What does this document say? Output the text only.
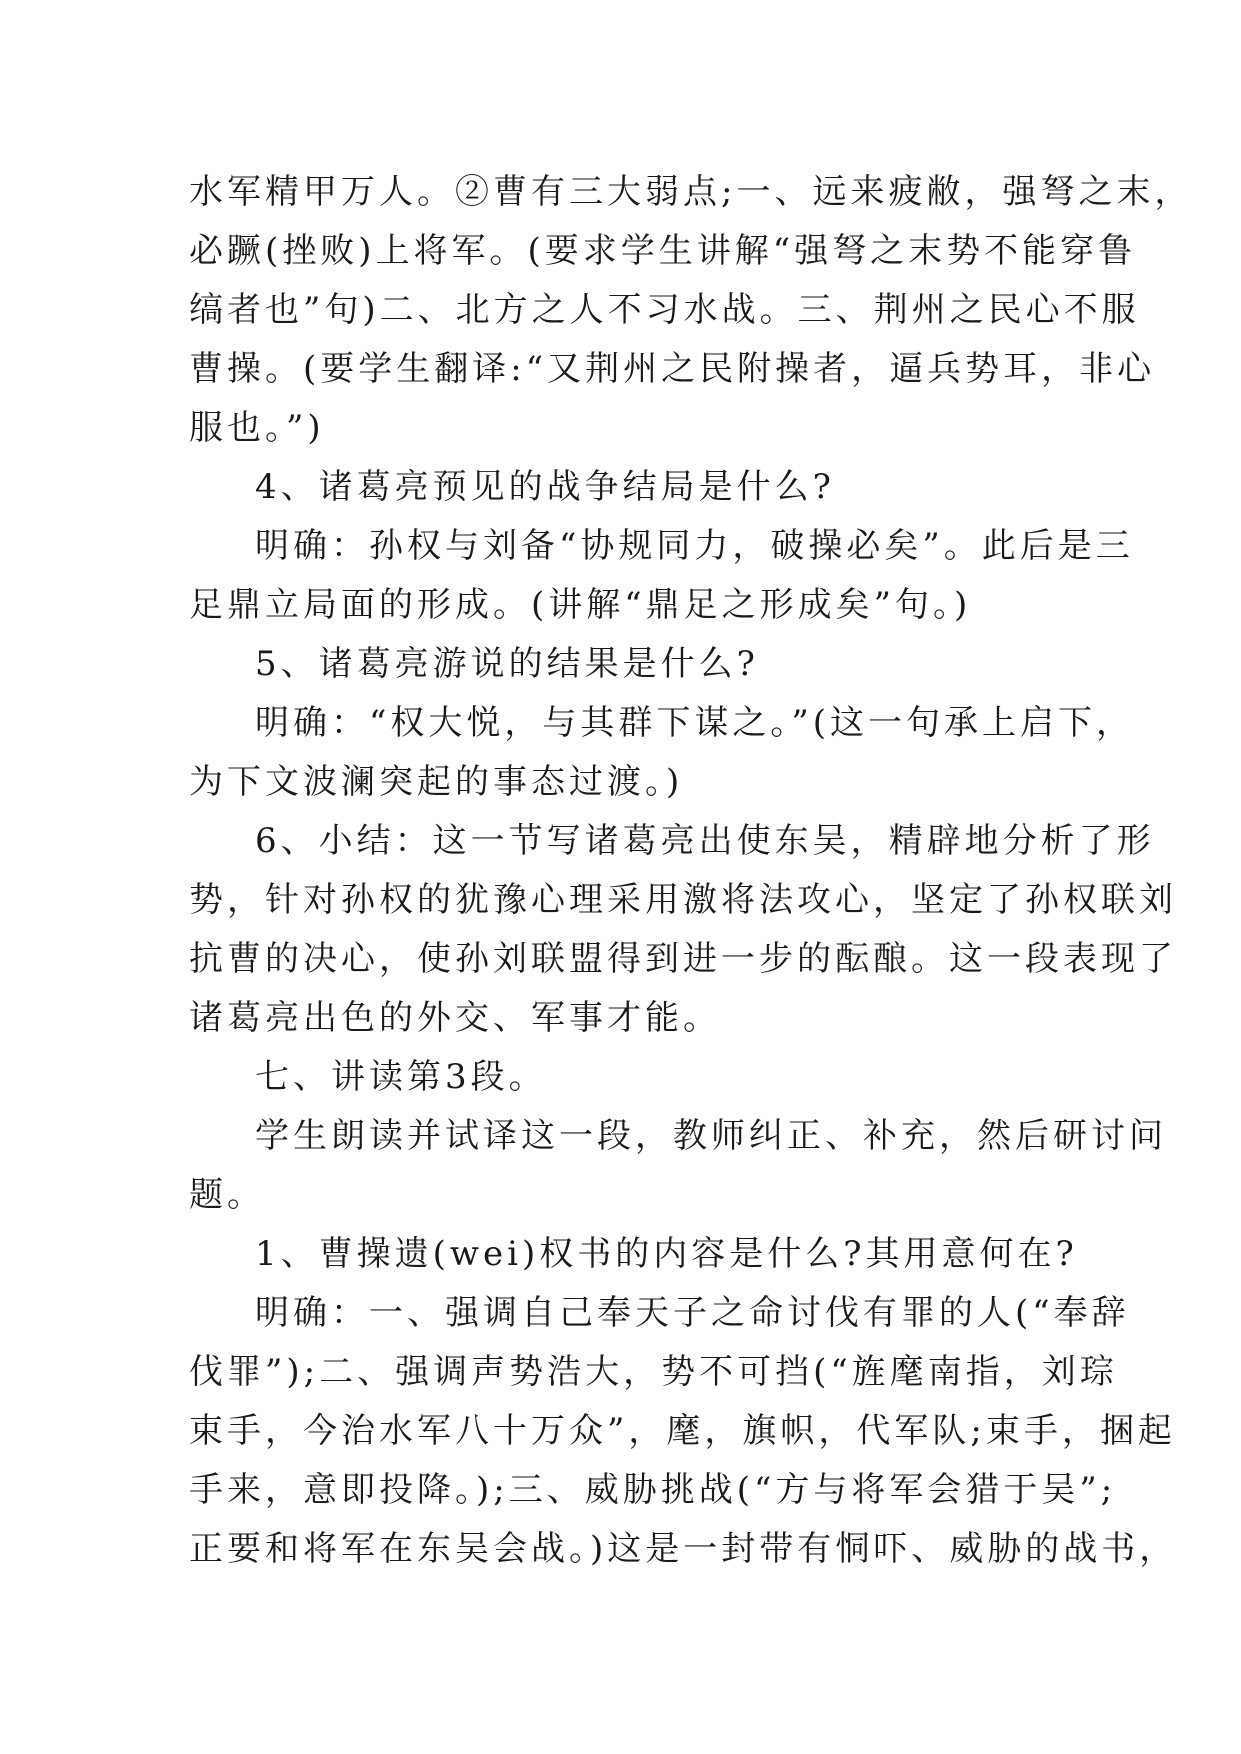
水军精甲万人。②曹有三大弱点;一、远来疲敝，强弩之末，
必蹶(挫败)上将军。(要求学生讲解“强弩之末势不能穿鲁
缟者也”句)二、北方之人不习水战。三、荆州之民心不服
曹操。(要学生翻译:“又荆州之民附操者，逼兵势耳，非心
服也。”)
4、诸葛亮预见的战争结局是什么?
明确：孙权与刘备“协规同力，破操必矣”。此后是三
足鼎立局面的形成。(讲解“鼎足之形成矣”句。)
5、诸葛亮游说的结果是什么?
明确：“权大悦，与其群下谋之。”(这一句承上启下，
为下文波澜突起的事态过渡。)
6、小结：这一节写诸葛亮出使东吴，精辟地分析了形
势，针对孙权的犹豫心理采用激将法攻心，坚定了孙权联刘
抗曹的决心，使孙刘联盟得到进一步的酝酿。这一段表现了
诸葛亮出色的外交、军事才能。
七、讲读第3段。
学生朗读并试译这一段，教师纠正、补充，然后研讨问
题。
1、曹操遗(wei)权书的内容是什么?其用意何在?
明确：一、强调自己奉天子之命讨伐有罪的人(“奉辞
伐罪”);二、强调声势浩大，势不可挡(“旌麾南指，刘琮
束手，今治水军八十万众”，麾，旗帜，代军队;束手，捆起
手来，意即投降。);三、威胁挑战(“方与将军会猎于吴”;
正要和将军在东吴会战。)这是一封带有恫吓、威胁的战书，
